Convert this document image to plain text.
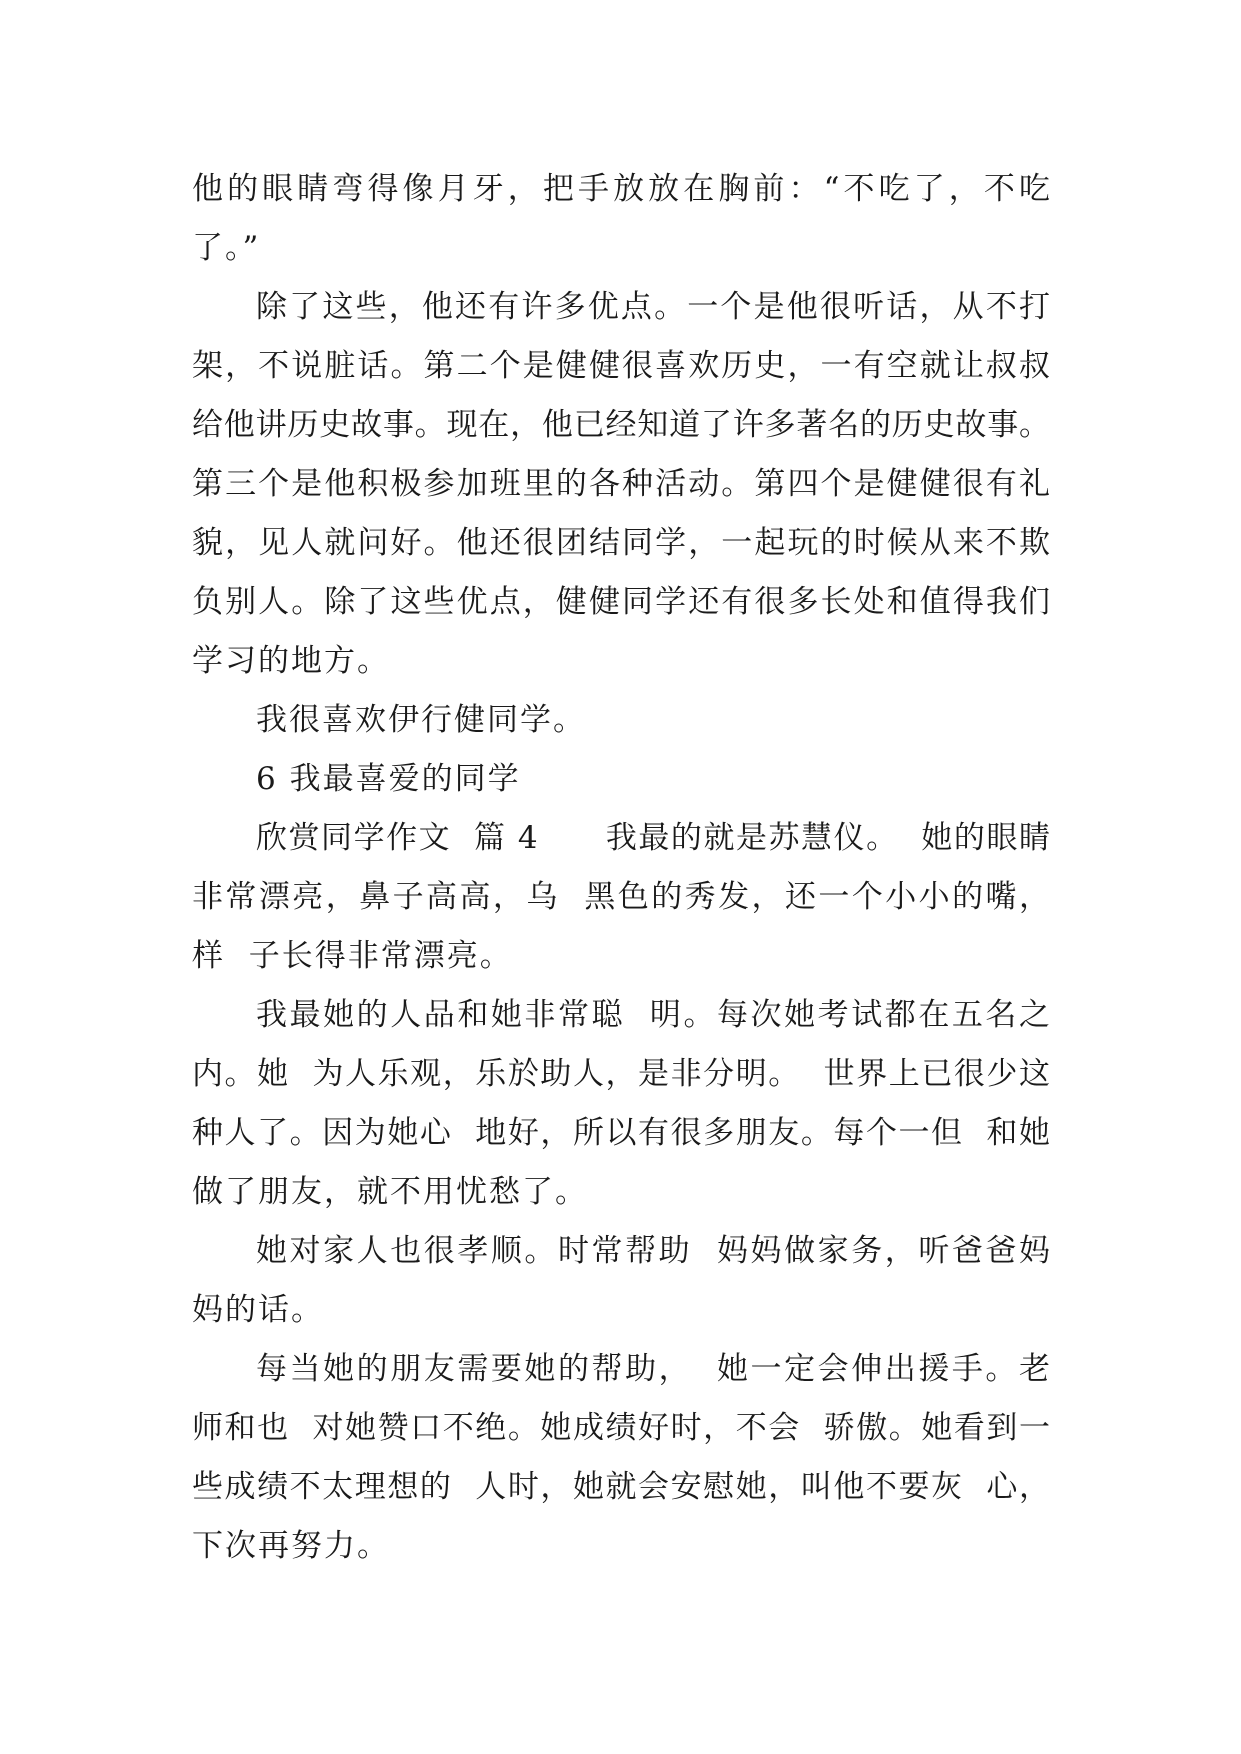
他的眼睛弯得像月牙，把手放放在胸前：“不吃了，不吃
了。”
除了这些，他还有许多优点。一个是他很听话，从不打
架，不说脏话。第二个是健健很喜欢历史，一有空就让叔叔
给他讲历史故事。现在，他已经知道了许多著名的历史故事。
第三个是他积极参加班里的各种活动。第四个是健健很有礼
貌，见人就问好。他还很团结同学，一起玩的时候从来不欺
负别人。除了这些优点，健健同学还有很多长处和值得我们
学习的地方。
我很喜欢伊行健同学。
6 我最喜爱的同学
欣赏同学作文  篇 4      我最的就是苏慧仪。  她的眼睛
非常漂亮，鼻子高高，乌  黑色的秀发，还一个小小的嘴，
样  子长得非常漂亮。
我最她的人品和她非常聪  明。每次她考试都在五名之
内。她  为人乐观，乐於助人，是非分明。  世界上已很少这
种人了。因为她心  地好，所以有很多朋友。每个一但  和她
做了朋友，就不用忧愁了。
她对家人也很孝顺。时常帮助  妈妈做家务，听爸爸妈
妈的话。
每当她的朋友需要她的帮助，  她一定会伸出援手。老
师和也  对她赞口不绝。她成绩好时，不会  骄傲。她看到一
些成绩不太理想的  人时，她就会安慰她，叫他不要灰  心，
下次再努力。
